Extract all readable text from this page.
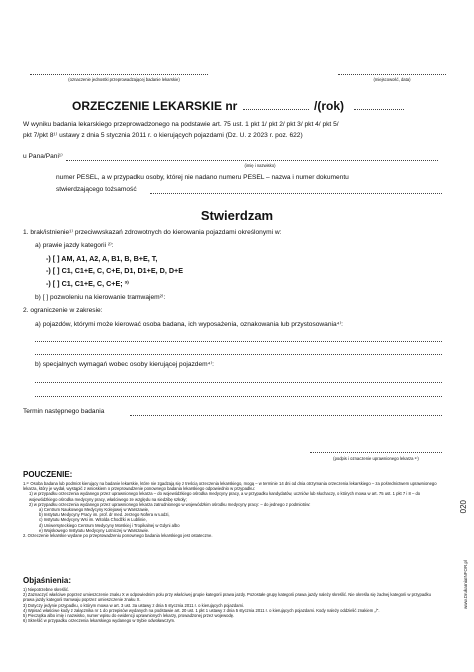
(oznaczenie jednostki przeprowadzającej badanie lekarskie)	(miejscowość, data)
ORZECZENIE LEKARSKIE nr	/(rok)
W wyniku badania lekarskiego przeprowadzonego na podstawie art. 75 ust. 1 pkt 1/ pkt 2/ pkt 3/ pkt 4/ pkt 5/
pkt 7/pkt 8¹⁾ ustawy z dnia 5 stycznia 2011 r. o kierujących pojazdami (Dz. U. z 2023 r. poz. 622)
u Pana/Pani¹⁾
(imię i nazwisko)
numer PESEL, a w przypadku osoby, której nie nadano numeru PESEL – nazwa i numer dokumentu
stwierdzającego tożsamość
Stwierdzam
1. brak/istnienie¹⁾ przeciwwskazań zdrowotnych do kierowania pojazdami określonymi w:
a) prawie jazdy kategorii ²⁾:
-) [ ] AM, A1, A2, A, B1, B, B+E, T,
-) [ ] C1, C1+E, C, C+E, D1, D1+E, D, D+E
-) [ ] C1, C1+E, C, C+E; ³⁾
b) [ ] pozwoleniu na kierowanie tramwajem²⁾:
2. ograniczenie w zakresie:
a) pojazdów, którymi może kierować osoba badana, ich wyposażenia, oznakowania lub przystosowania⁴⁾:
b) specjalnych wymagań wobec osoby kierującej pojazdem⁴⁾:
Termin następnego badania
(podpis i oznaczenie uprawnionego lekarza ⁵⁾)
POUCZENIE:

1.⁶⁾ Osoba badana lub podmiot kierujący na badanie lekarskie, które nie zgadzają się z treścią orzeczenia lekarskiego, mogą – w terminie 14 dni od dnia otrzymania orzeczenia lekarskiego – za pośrednictwem uprawnionego lekarza, który je wydał, wystąpić z wnioskiem o przeprowadzenie ponownego badania lekarskiego odpowiednio w przypadku:

1) w przypadku orzeczenia wydanego przez uprawnionego lekarza – do wojewódzkiego ośrodka medycyny pracy, a w przypadku kandydatów, uczniów lub słuchaczy, o których mowa w art. 75 ust. 1 pkt 7 i 8 – do wojewódzkiego ośrodka medycyny pracy, właściwego ze względu na siedzibę szkoły;

2) w przypadku orzeczenia wydanego przez uprawnionego lekarza zatrudnionego w wojewódzkim ośrodku medycyny pracy: – do jednego z podmiotów:

a) Centrum Naukowego Medycyny Kolejowej w Warszawie,

b) Instytutu Medycyny Pracy im. prof. dr med. Jerzego Nofera w Łodzi,

c) Instytutu Medycyny Wsi im. Witolda Chodźki w Lublinie,

d) Uniwersyteckiego Centrum Medycyny Morskiej i Tropikalnej w Gdyni albo

e) Wojskowego Instytutu Medycyny Lotniczej w Warszawie.

2. Orzeczenie lekarskie wydane po przeprowadzeniu ponownego badania lekarskiego jest ostateczne.

Objaśnienia:

1) Niepotrzebne skreślić.

2) Zaznaczyć właściwe poprzez umieszczenie znaku X w odpowiednim polu przy właściwej grupie kategorii prawa jazdy. Pozostałe grupy kategorii prawa jazdy należy skreślić. Nie określa się żadnej kategorii w przypadku prawa jazdy kategorii tramwaju poprzez umieszczenie znaku X.

3) Dotyczy jedynie przypadku, o którym mowa w art. 3 ust. 3a ustawy z dnia 5 stycznia 2011 r. o kierujących pojazdami.

4) Wpisać właściwe kody z załącznika nr 1 do przepisów wydanych na podstawie art. 20 ust. 1 pkt 1 ustawy z dnia 5 stycznia 2011 r. o kierujących pojazdami. Kody należy oddzielić znakiem „/”.

5) Pieczątka albo imię i nazwisko, numer wpisu do ewidencji uprawnionych lekarzy, prowadzonej przez wojewodę.

6) Skreślić w przypadku orzeczenia lekarskiego wydanego w trybie odwoławczym.

www.DrukarniaINFOR.pl
020
